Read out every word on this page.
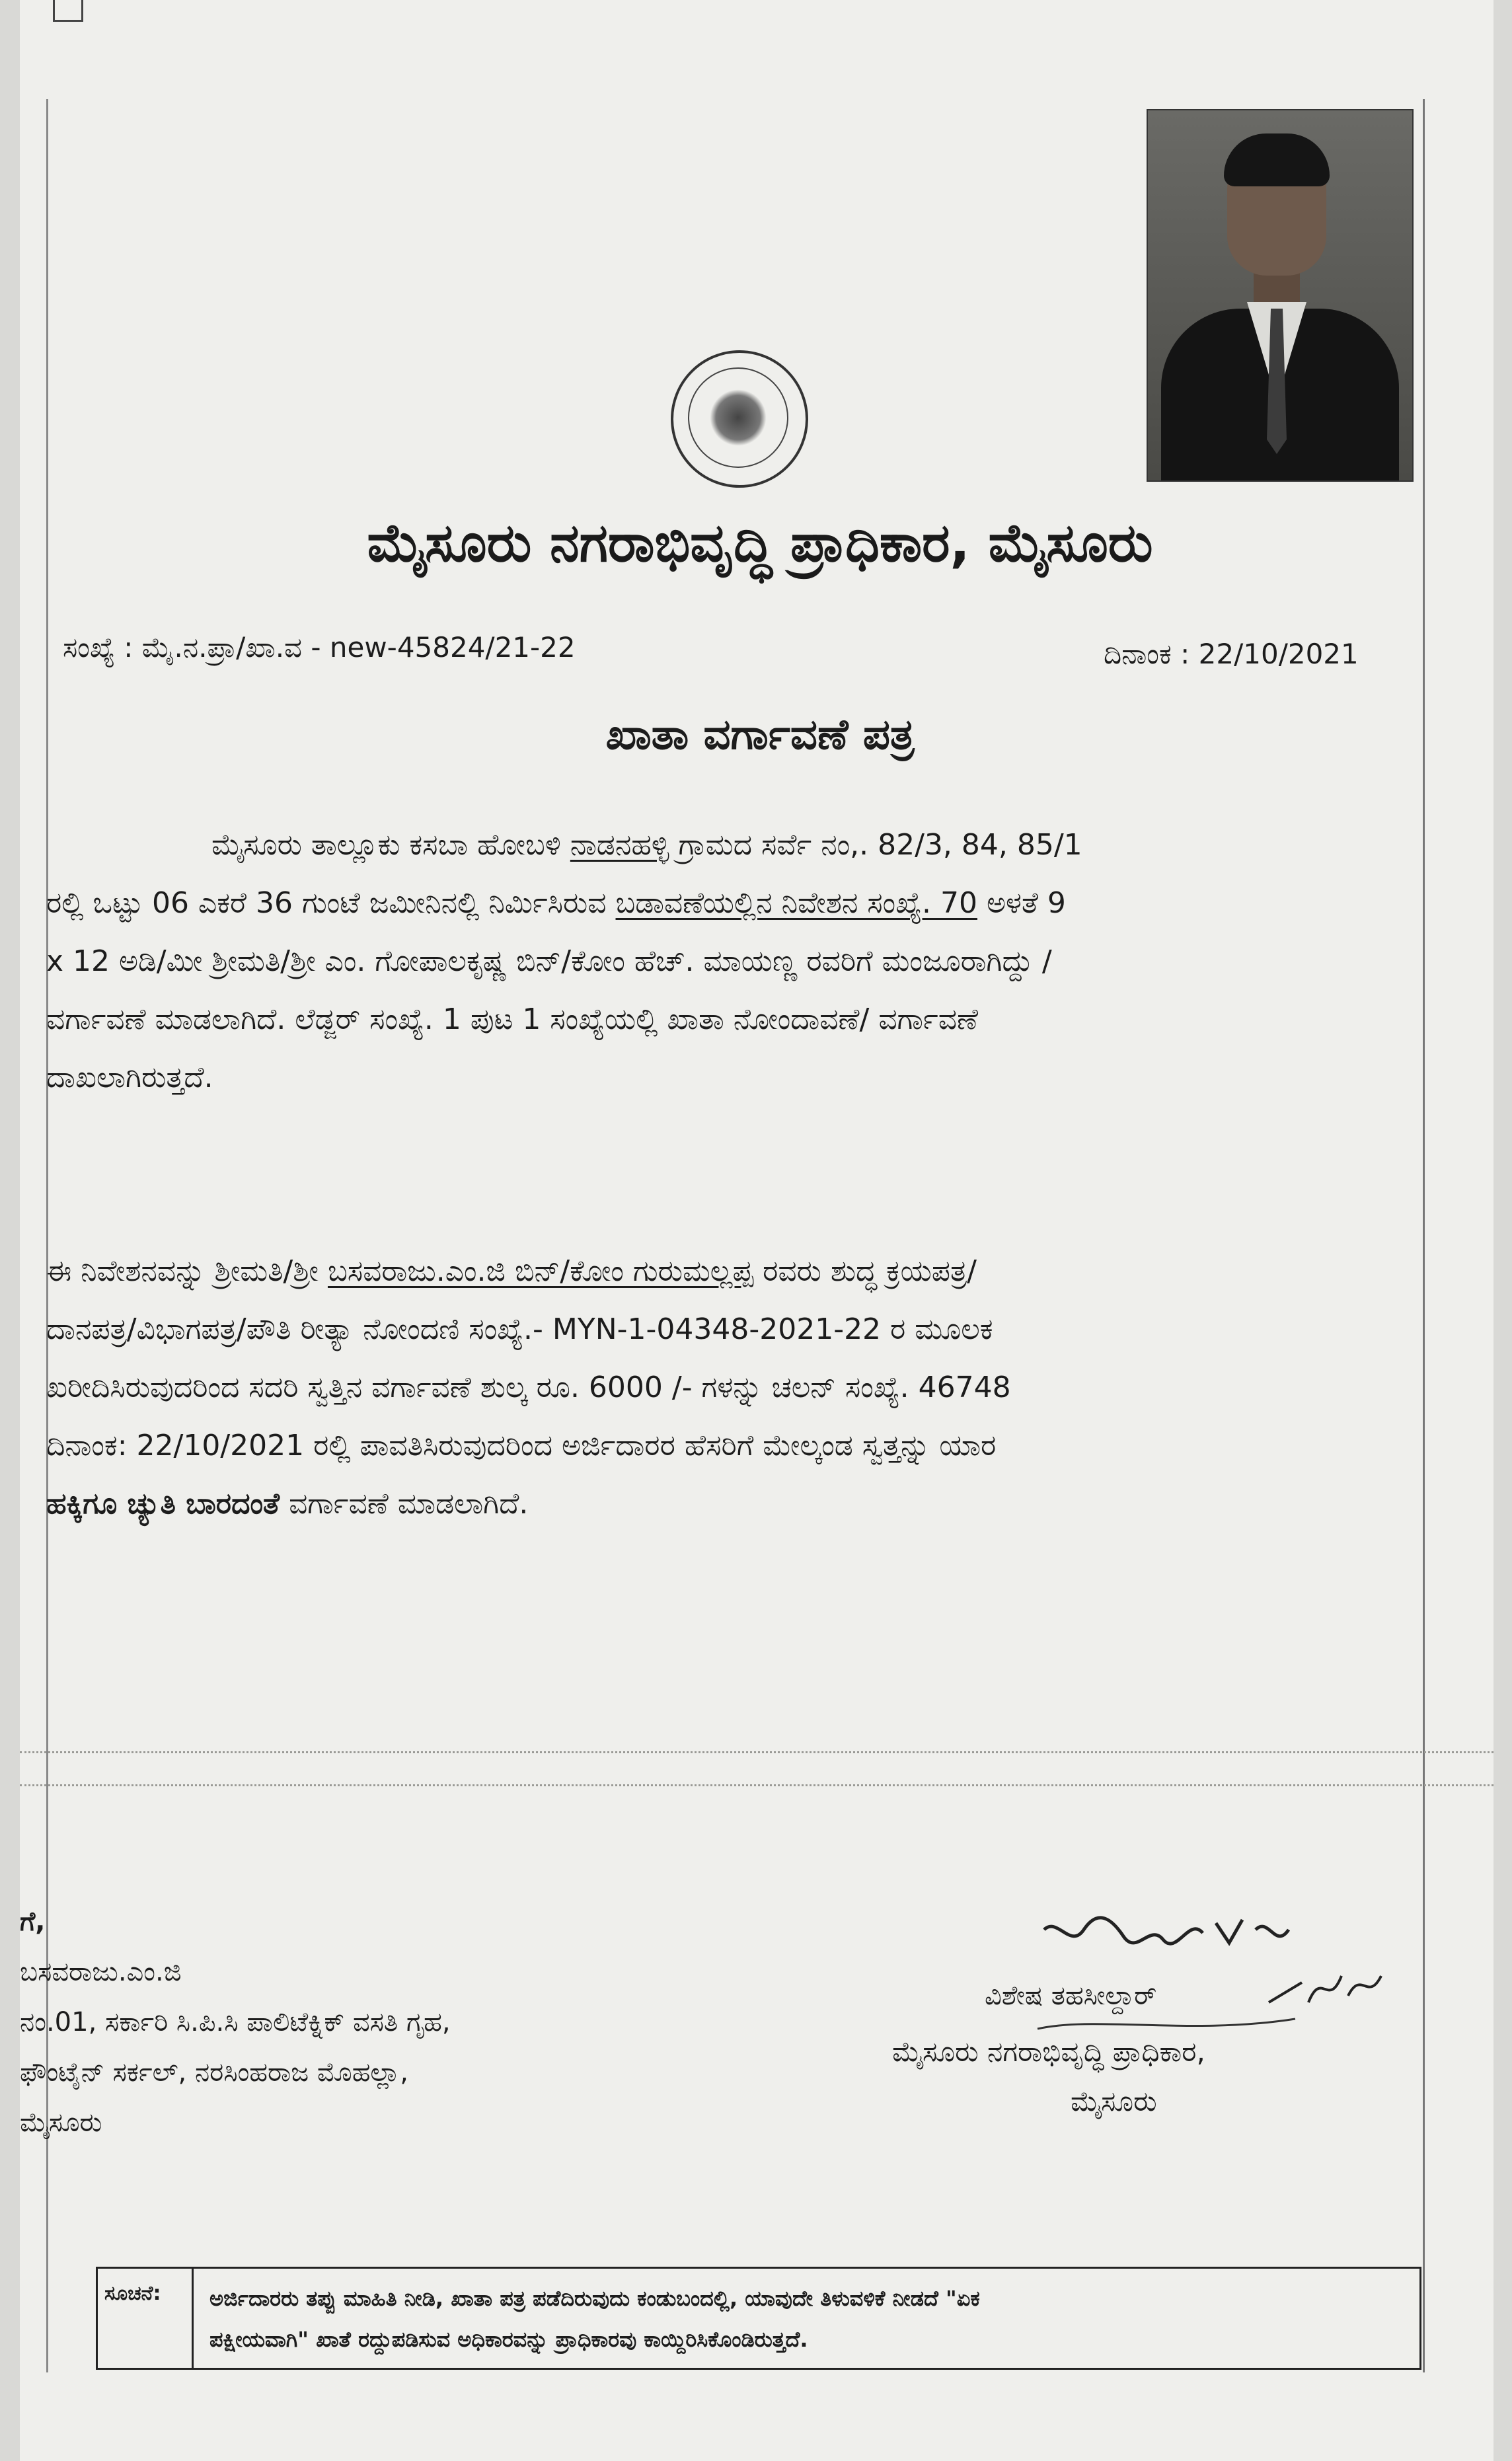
ಮೈಸೂರು ನಗರಾಭಿವೃದ್ಧಿ ಪ್ರಾಧಿಕಾರ, ಮೈಸೂರು
ಸಂಖ್ಯೆ : ಮೈ.ನ.ಪ್ರಾ/ಖಾ.ವ - new-45824/21-22	ದಿನಾಂಕ : 22/10/2021
ಖಾತಾ ವರ್ಗಾವಣೆ ಪತ್ರ
ಮೈಸೂರು ತಾಲ್ಲೂಕು ಕಸಬಾ ಹೋಬಳಿ ನಾಡನಹಳ್ಳಿ ಗ್ರಾಮದ ಸರ್ವೆ ನಂ,. 82/3, 84, 85/1
ರಲ್ಲಿ ಒಟ್ಟು 06 ಎಕರೆ 36 ಗುಂಟೆ ಜಮೀನಿನಲ್ಲಿ ನಿರ್ಮಿಸಿರುವ ಬಡಾವಣೆಯಲ್ಲಿನ ನಿವೇಶನ ಸಂಖ್ಯೆ. 70 ಅಳತೆ 9
x 12 ಅಡಿ/ಮೀ ಶ್ರೀಮತಿ/ಶ್ರೀ ಎಂ. ಗೋಪಾಲಕೃಷ್ಣ ಬಿನ್/ಕೋಂ ಹೆಚ್. ಮಾಯಣ್ಣ ರವರಿಗೆ ಮಂಜೂರಾಗಿದ್ದು /
ವರ್ಗಾವಣೆ ಮಾಡಲಾಗಿದೆ. ಲೆಡ್ಜರ್ ಸಂಖ್ಯೆ. 1 ಪುಟ 1 ಸಂಖ್ಯೆಯಲ್ಲಿ ಖಾತಾ ನೋಂದಾವಣೆ/ ವರ್ಗಾವಣೆ
ದಾಖಲಾಗಿರುತ್ತದೆ.
ಈ ನಿವೇಶನವನ್ನು ಶ್ರೀಮತಿ/ಶ್ರೀ ಬಸವರಾಜು.ಎಂ.ಜಿ ಬಿನ್/ಕೋಂ ಗುರುಮಲ್ಲಪ್ಪ ರವರು ಶುದ್ಧ ಕ್ರಯಪತ್ರ/
ದಾನಪತ್ರ/ವಿಭಾಗಪತ್ರ/ಪೌತಿ ರೀತ್ಯಾ ನೋಂದಣಿ ಸಂಖ್ಯೆ.- MYN-1-04348-2021-22 ರ ಮೂಲಕ
ಖರೀದಿಸಿರುವುದರಿಂದ ಸದರಿ ಸ್ವತ್ತಿನ ವರ್ಗಾವಣೆ ಶುಲ್ಕ ರೂ. 6000 /- ಗಳನ್ನು ಚಲನ್ ಸಂಖ್ಯೆ. 46748
ದಿನಾಂಕ: 22/10/2021 ರಲ್ಲಿ ಪಾವತಿಸಿರುವುದರಿಂದ ಅರ್ಜಿದಾರರ ಹೆಸರಿಗೆ ಮೇಲ್ಕಂಡ ಸ್ವತ್ತನ್ನು ಯಾರ
ಹಕ್ಕಿಗೂ ಚ್ಯುತಿ ಬಾರದಂತೆ ವರ್ಗಾವಣೆ ಮಾಡಲಾಗಿದೆ.
ಗೆ,
ಬಸವರಾಜು.ಎಂ.ಜಿ
ನಂ.01, ಸರ್ಕಾರಿ ಸಿ.ಪಿ.ಸಿ ಪಾಲಿಟೆಕ್ನಿಕ್ ವಸತಿ ಗೃಹ,
ಫೌಂಟೈನ್ ಸರ್ಕಲ್, ನರಸಿಂಹರಾಜ ಮೊಹಲ್ಲಾ,
ಮೈಸೂರು
ವಿಶೇಷ ತಹಸೀಲ್ದಾರ್
ಮೈಸೂರು ನಗರಾಭಿವೃದ್ಧಿ ಪ್ರಾಧಿಕಾರ,
ಮೈಸೂರು
ಸೂಚನೆ:	ಅರ್ಜಿದಾರರು ತಪ್ಪು ಮಾಹಿತಿ ನೀಡಿ, ಖಾತಾ ಪತ್ರ ಪಡೆದಿರುವುದು ಕಂಡುಬಂದಲ್ಲಿ, ಯಾವುದೇ ತಿಳುವಳಿಕೆ ನೀಡದೆ "ಏಕ
ಪಕ್ಷೀಯವಾಗಿ" ಖಾತೆ ರದ್ದುಪಡಿಸುವ ಅಧಿಕಾರವನ್ನು ಪ್ರಾಧಿಕಾರವು ಕಾಯ್ದಿರಿಸಿಕೊಂಡಿರುತ್ತದೆ.
